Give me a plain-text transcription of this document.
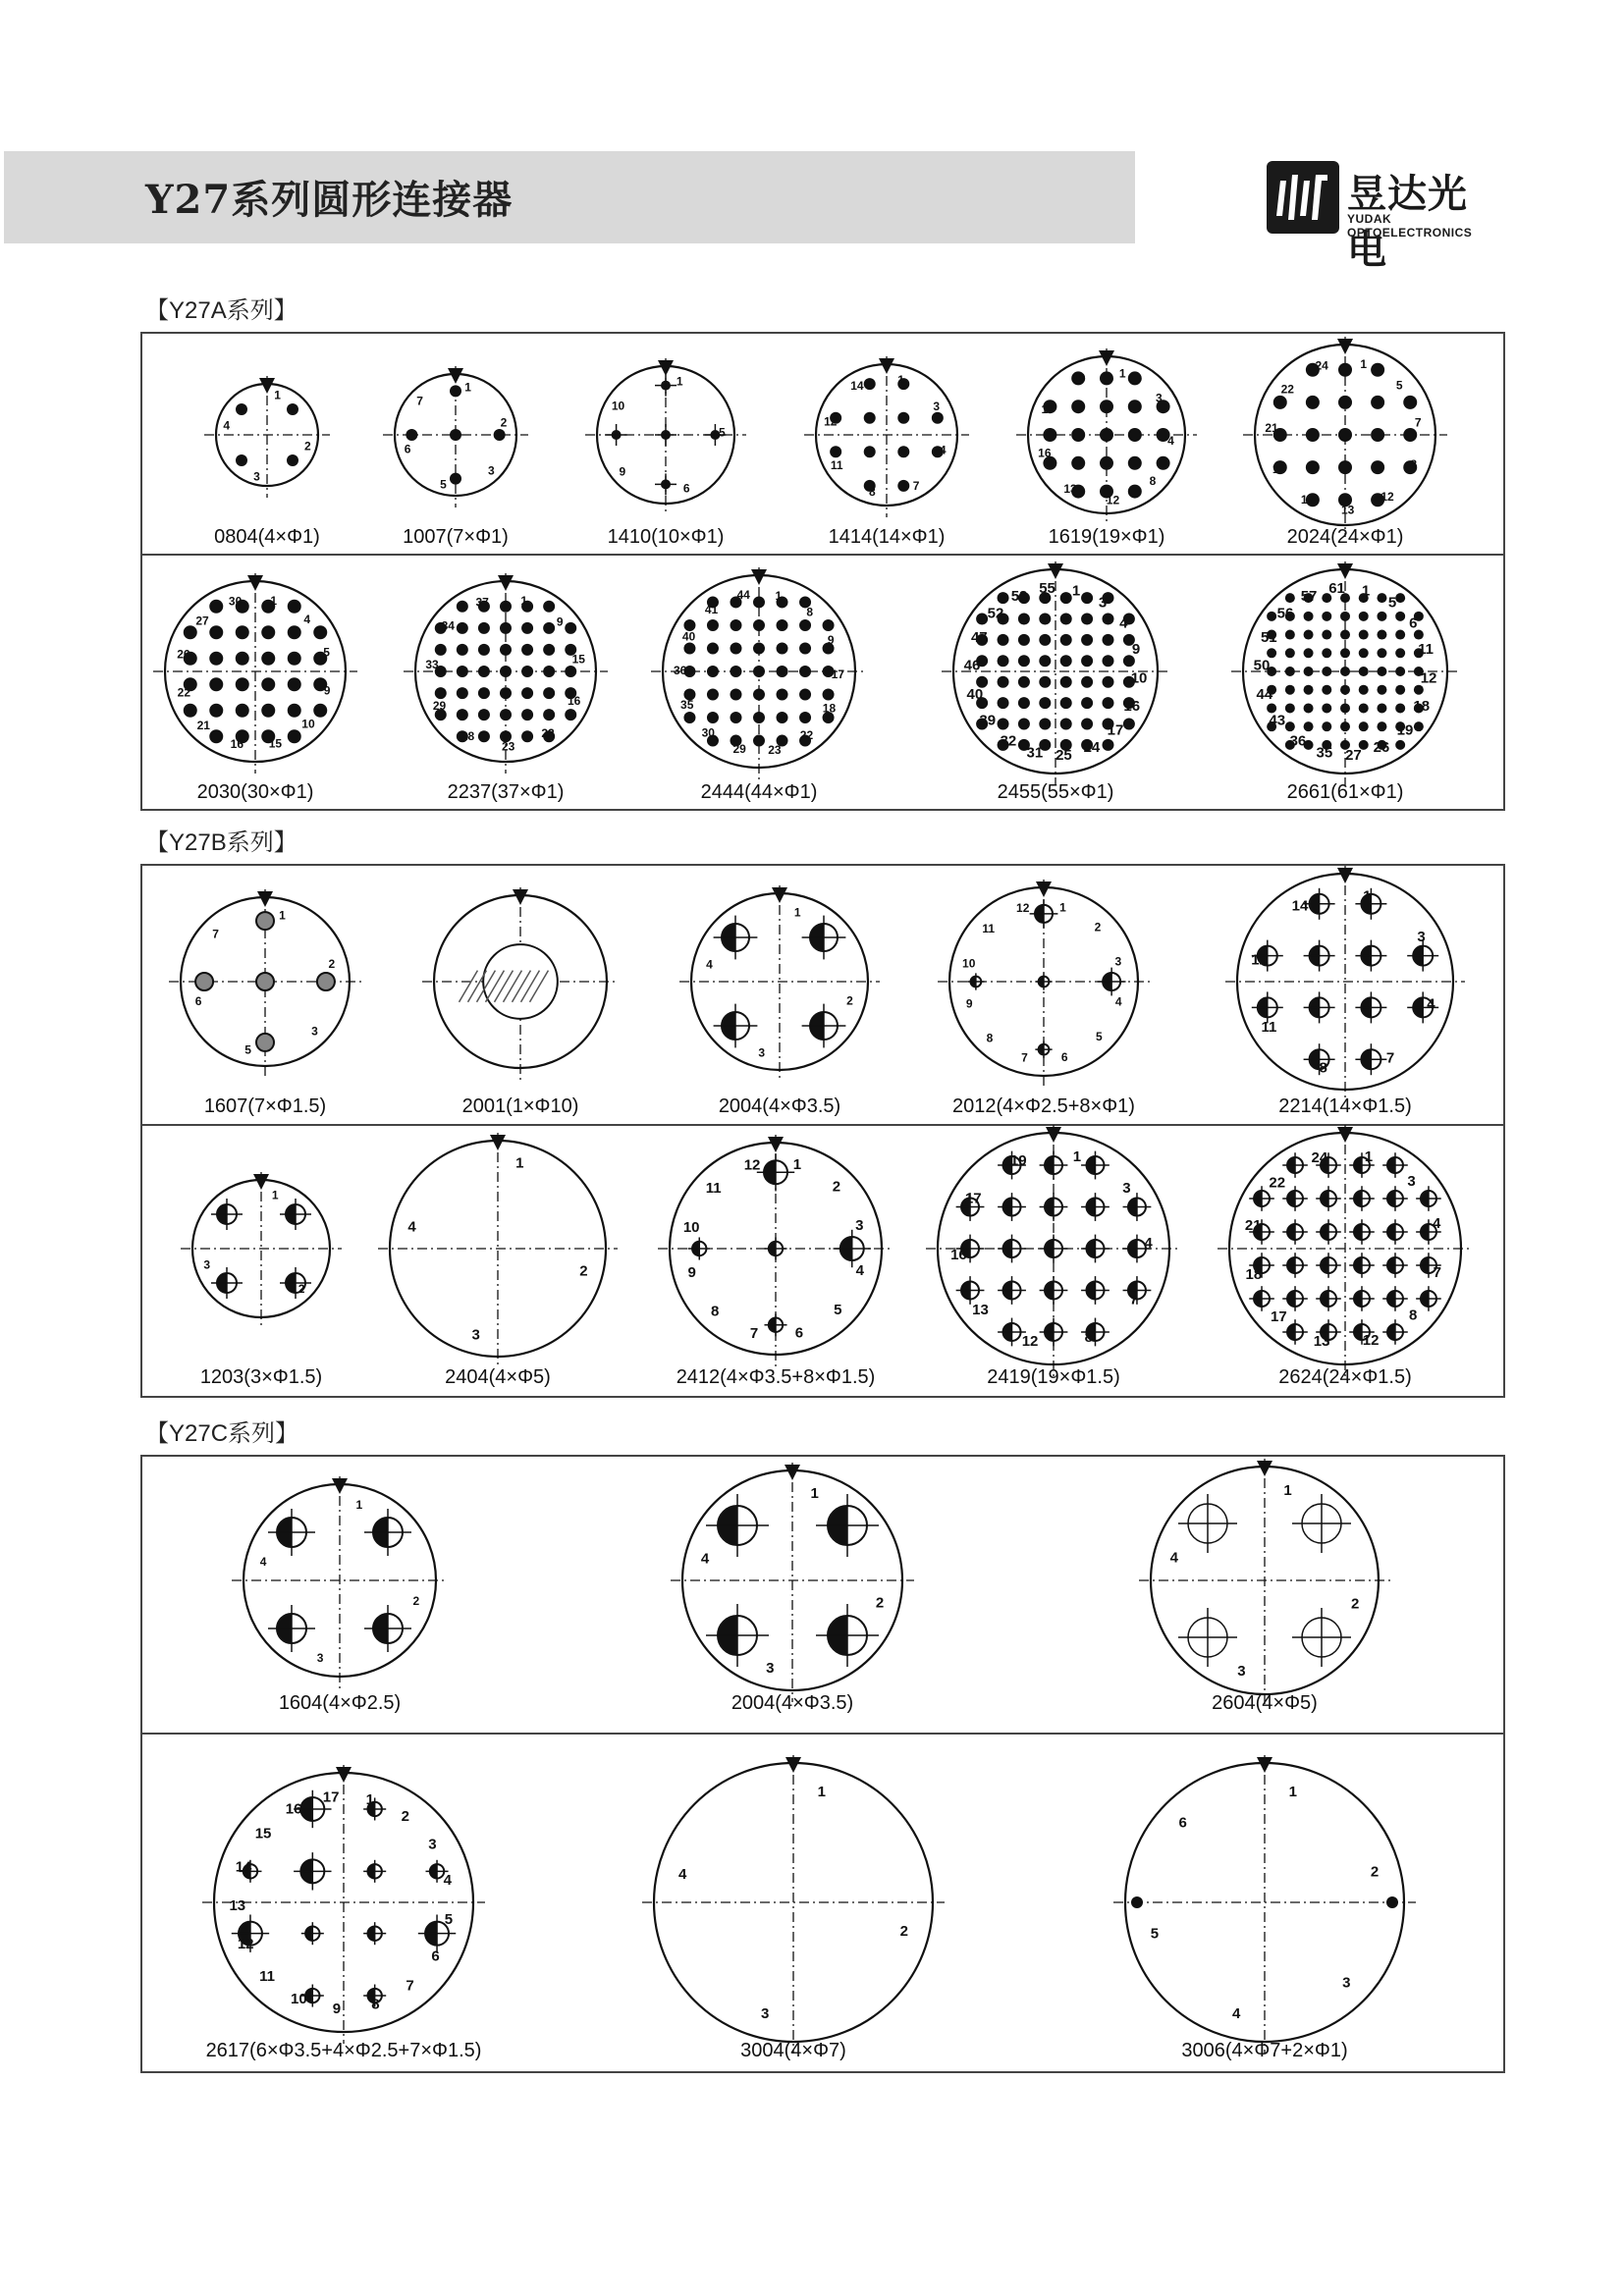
Y27系列圆形连接器	昱达光电
YUDAK OPTOELECTRONICS
【Y27A系列】
【Y27B系列】
【Y27C系列】
1
2
3
4
0804(4×Φ1)
1
2
3
5
6
7
1007(7×Φ1)
1
5
6
9
10
1410(10×Φ1)
1
3
4
7
8
11
12
14
1414(14×Φ1)
1
3
4
8
12
13
16
17
19
1619(19×Φ1)
1
5
7
8
12
13
17
18
21
22
24
2024(24×Φ1)
1
4
5
9
10
15
16
21
22
26
27
30
2030(30×Φ1)
1
9
15
16
22
23
28
29
33
34
37
2237(37×Φ1)
1
8
9
17
18
22
23
29
30
35
36
40
41
44
2444(44×Φ1)
1
3
4
9
10
16
17
24
25
31
32
39
40
46
47
52
53 55
2455(55×Φ1)
1
5
6
11
12
18
19
26
27
35
36
43
44
50
51
56
57 61
2661(61×Φ1)
1
2
3
5
6
7
1607(7×Φ1.5)	2001(1×Φ10)
1
2
3
4
2004(4×Φ3.5)
1
2
3
4
5
6
7
8
9
10
11
12
2012(4×Φ2.5+8×Φ1)
1
3
4
7
8
11
12
14
2214(14×Φ1.5)
1
2
3
1203(3×Φ1.5)
1
2
3
4
2404(4×Φ5)
1
2
3
4
5
6
7
8
9
10
11
12
2412(4×Φ3.5+8×Φ1.5)
1
3
4
7
8
12
13
16
17
19
2419(19×Φ1.5)
1
3
4
7
8
12
13
17
18
21
22
24
2624(24×Φ1.5)
1
2
3
4
1604(4×Φ2.5)
1
2
3
4
2004(4×Φ3.5)
1
2
3
4
2604(4×Φ5)
1
2
3
4
5
6
7
8
9
10
11
12
13
14
15
16
17
2617(6×Φ3.5+4×Φ2.5+7×Φ1.5)
1
2
3
4
3004(4×Φ7)
1
2
3
4
5
6
3006(4×Φ7+2×Φ1)
